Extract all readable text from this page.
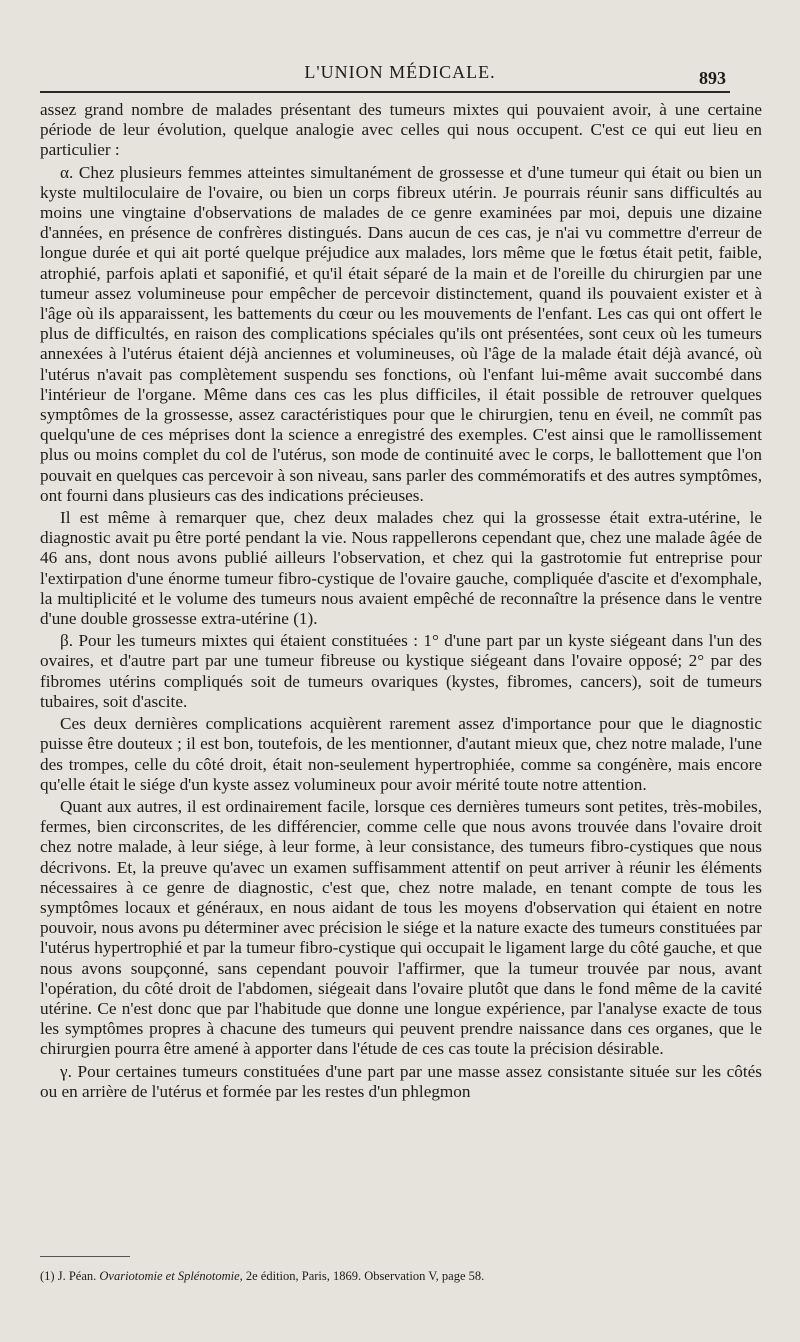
L'UNION MÉDICALE.	893

assez grand nombre de malades présentant des tumeurs mixtes qui pouvaient avoir, à une certaine période de leur évolution, quelque analogie avec celles qui nous occupent. C'est ce qui eut lieu en particulier :

α. Chez plusieurs femmes atteintes simultanément de grossesse et d'une tumeur qui était ou bien un kyste multiloculaire de l'ovaire, ou bien un corps fibreux utérin. Je pourrais réunir sans difficultés au moins une vingtaine d'observations de malades de ce genre examinées par moi, depuis une dizaine d'années, en présence de confrères distingués. Dans aucun de ces cas, je n'ai vu commettre d'erreur de longue durée et qui ait porté quelque préjudice aux malades, lors même que le fœtus était petit, faible, atrophié, parfois aplati et saponifié, et qu'il était séparé de la main et de l'oreille du chirurgien par une tumeur assez volumineuse pour empêcher de percevoir distinctement, quand ils pouvaient exister et à l'âge où ils apparaissent, les battements du cœur ou les mouvements de l'enfant. Les cas qui ont offert le plus de difficultés, en raison des complications spéciales qu'ils ont présentées, sont ceux où les tumeurs annexées à l'utérus étaient déjà anciennes et volumineuses, où l'âge de la malade était déjà avancé, où l'utérus n'avait pas complètement suspendu ses fonctions, où l'enfant lui-même avait succombé dans l'intérieur de l'organe. Même dans ces cas les plus difficiles, il était possible de retrouver quelques symptômes de la grossesse, assez caractéristiques pour que le chirurgien, tenu en éveil, ne commît pas quelqu'une de ces méprises dont la science a enregistré des exemples. C'est ainsi que le ramollissement plus ou moins complet du col de l'utérus, son mode de continuité avec le corps, le ballottement que l'on pouvait en quelques cas percevoir à son niveau, sans parler des commémoratifs et des autres symptômes, ont fourni dans plusieurs cas des indications précieuses.

Il est même à remarquer que, chez deux malades chez qui la grossesse était extra-utérine, le diagnostic avait pu être porté pendant la vie. Nous rappellerons cependant que, chez une malade âgée de 46 ans, dont nous avons publié ailleurs l'observation, et chez qui la gastrotomie fut entreprise pour l'extirpation d'une énorme tumeur fibro-cystique de l'ovaire gauche, compliquée d'ascite et d'exomphale, la multiplicité et le volume des tumeurs nous avaient empêché de reconnaître la présence dans le ventre d'une double grossesse extra-utérine (1).

β. Pour les tumeurs mixtes qui étaient constituées : 1° d'une part par un kyste siégeant dans l'un des ovaires, et d'autre part par une tumeur fibreuse ou kystique siégeant dans l'ovaire opposé; 2° par des fibromes utérins compliqués soit de tumeurs ovariques (kystes, fibromes, cancers), soit de tumeurs tubaires, soit d'ascite.

Ces deux dernières complications acquièrent rarement assez d'importance pour que le diagnostic puisse être douteux ; il est bon, toutefois, de les mentionner, d'autant mieux que, chez notre malade, l'une des trompes, celle du côté droit, était non-seulement hypertrophiée, comme sa congénère, mais encore qu'elle était le siége d'un kyste assez volumineux pour avoir mérité toute notre attention.

Quant aux autres, il est ordinairement facile, lorsque ces dernières tumeurs sont petites, très-mobiles, fermes, bien circonscrites, de les différencier, comme celle que nous avons trouvée dans l'ovaire droit chez notre malade, à leur siége, à leur forme, à leur consistance, des tumeurs fibro-cystiques que nous décrivons. Et, la preuve qu'avec un examen suffisamment attentif on peut arriver à réunir les éléments nécessaires à ce genre de diagnostic, c'est que, chez notre malade, en tenant compte de tous les symptômes locaux et généraux, en nous aidant de tous les moyens d'observation qui étaient en notre pouvoir, nous avons pu déterminer avec précision le siége et la nature exacte des tumeurs constituées par l'utérus hypertrophié et par la tumeur fibro-cystique qui occupait le ligament large du côté gauche, et que nous avons soupçonné, sans cependant pouvoir l'affirmer, que la tumeur trouvée par nous, avant l'opération, du côté droit de l'abdomen, siégeait dans l'ovaire plutôt que dans le fond même de la cavité utérine. Ce n'est donc que par l'habitude que donne une longue expérience, par l'analyse exacte de tous les symptômes propres à chacune des tumeurs qui peuvent prendre naissance dans ces organes, que le chirurgien pourra être amené à apporter dans l'étude de ces cas toute la précision désirable.

γ. Pour certaines tumeurs constituées d'une part par une masse assez consistante située sur les côtés ou en arrière de l'utérus et formée par les restes d'un phlegmon

(1) J. Péan. Ovariotomie et Splénotomie, 2e édition, Paris, 1869. Observation V, page 58.
